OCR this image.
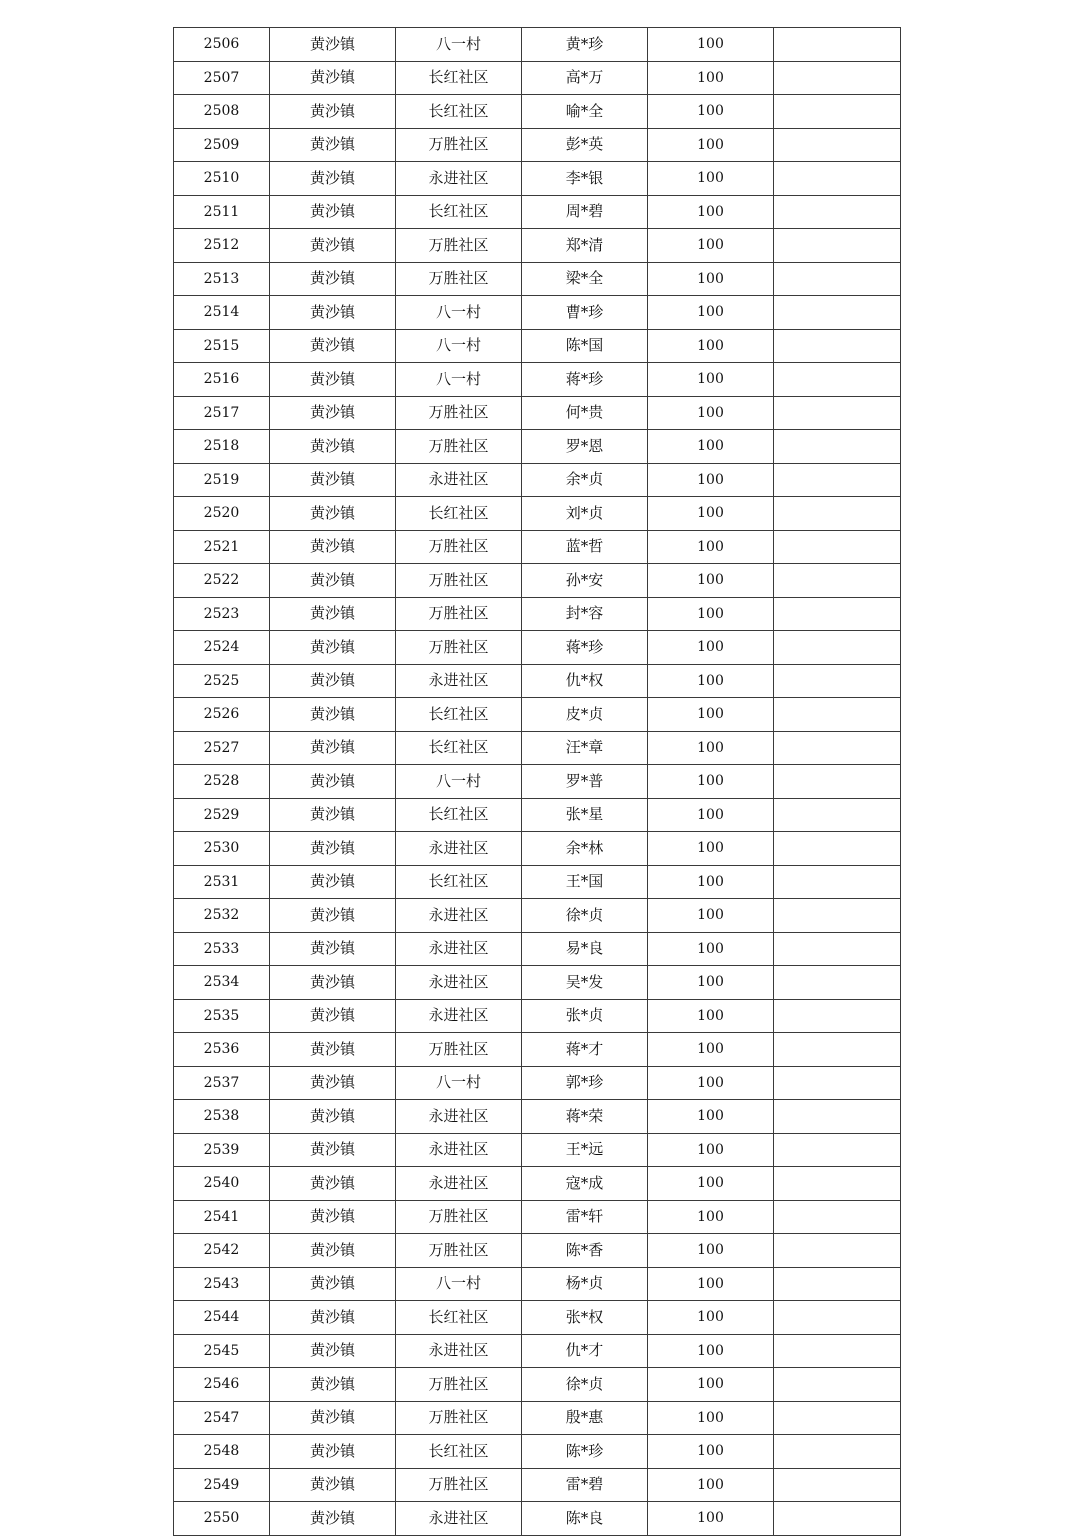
2506	黄沙镇	八一村	黄*珍	100	
2507	黄沙镇	长红社区	高*万	100	
2508	黄沙镇	长红社区	喻*全	100	
2509	黄沙镇	万胜社区	彭*英	100	
2510	黄沙镇	永进社区	李*银	100	
2511	黄沙镇	长红社区	周*碧	100	
2512	黄沙镇	万胜社区	郑*清	100	
2513	黄沙镇	万胜社区	梁*全	100	
2514	黄沙镇	八一村	曹*珍	100	
2515	黄沙镇	八一村	陈*国	100	
2516	黄沙镇	八一村	蒋*珍	100	
2517	黄沙镇	万胜社区	何*贵	100	
2518	黄沙镇	万胜社区	罗*恩	100	
2519	黄沙镇	永进社区	余*贞	100	
2520	黄沙镇	长红社区	刘*贞	100	
2521	黄沙镇	万胜社区	蓝*哲	100	
2522	黄沙镇	万胜社区	孙*安	100	
2523	黄沙镇	万胜社区	封*容	100	
2524	黄沙镇	万胜社区	蒋*珍	100	
2525	黄沙镇	永进社区	仇*权	100	
2526	黄沙镇	长红社区	皮*贞	100	
2527	黄沙镇	长红社区	汪*章	100	
2528	黄沙镇	八一村	罗*普	100	
2529	黄沙镇	长红社区	张*星	100	
2530	黄沙镇	永进社区	余*林	100	
2531	黄沙镇	长红社区	王*国	100	
2532	黄沙镇	永进社区	徐*贞	100	
2533	黄沙镇	永进社区	易*良	100	
2534	黄沙镇	永进社区	吴*发	100	
2535	黄沙镇	永进社区	张*贞	100	
2536	黄沙镇	万胜社区	蒋*才	100	
2537	黄沙镇	八一村	郭*珍	100	
2538	黄沙镇	永进社区	蒋*荣	100	
2539	黄沙镇	永进社区	王*远	100	
2540	黄沙镇	永进社区	寇*成	100	
2541	黄沙镇	万胜社区	雷*轩	100	
2542	黄沙镇	万胜社区	陈*香	100	
2543	黄沙镇	八一村	杨*贞	100	
2544	黄沙镇	长红社区	张*权	100	
2545	黄沙镇	永进社区	仇*才	100	
2546	黄沙镇	万胜社区	徐*贞	100	
2547	黄沙镇	万胜社区	殷*惠	100	
2548	黄沙镇	长红社区	陈*珍	100	
2549	黄沙镇	万胜社区	雷*碧	100	
2550	黄沙镇	永进社区	陈*良	100	
